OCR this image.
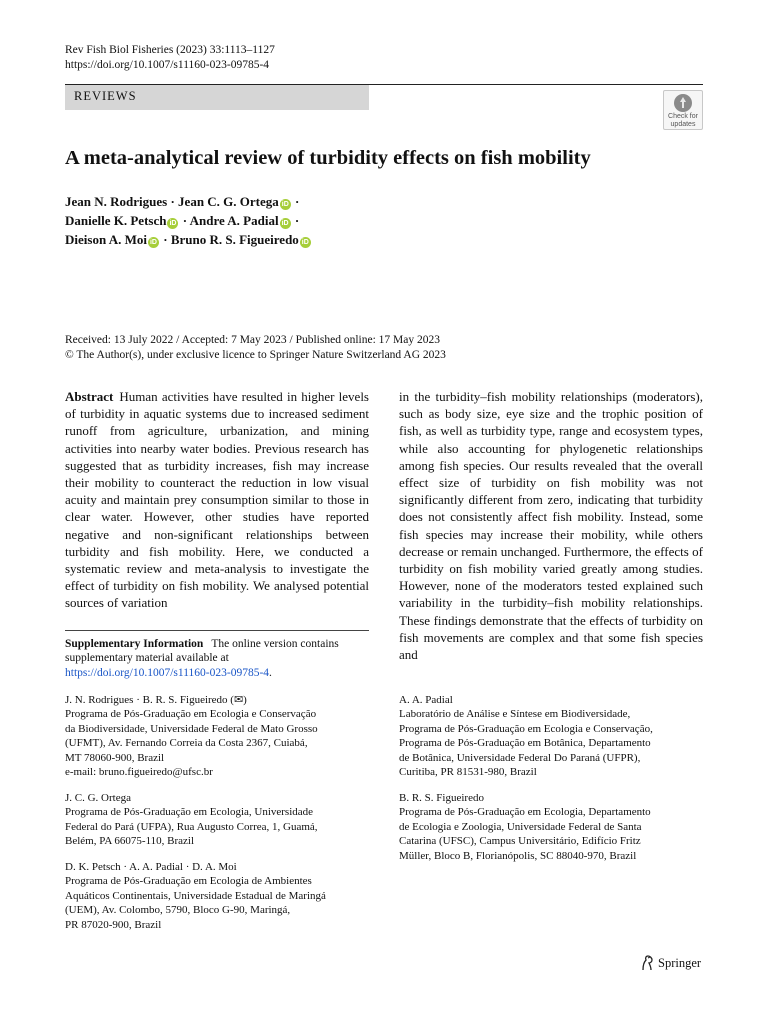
Rev Fish Biol Fisheries (2023) 33:1113–1127
https://doi.org/10.1007/s11160-023-09785-4
REVIEWS
Check for
updates
A meta-analytical review of turbidity effects on fish mobility
Jean N. Rodrigues · Jean C. G. Ortega iD ·
Danielle K. Petsch iD · Andre A. Padial iD ·
Dieison A. Moi iD · Bruno R. S. Figueiredo iD
Received: 13 July 2022 / Accepted: 7 May 2023 / Published online: 17 May 2023
© The Author(s), under exclusive licence to Springer Nature Switzerland AG 2023
Abstract Human activities have resulted in higher levels of turbidity in aquatic systems due to increased sediment runoff from agriculture, urbanization, and mining activities into nearby water bodies. Previous research has suggested that as turbidity increases, fish may increase their mobility to counteract the reduction in low visual acuity and maintain prey consumption similar to those in clear water. However, other studies have reported negative and non-significant relationships between turbidity and fish mobility. Here, we conducted a systematic review and meta-analysis to investigate the effect of turbidity on fish mobility. We analysed potential sources of variation
in the turbidity–fish mobility relationships (moderators), such as body size, eye size and the trophic position of fish, as well as turbidity type, range and ecosystem types, while also accounting for phylogenetic relationships among fish species. Our results revealed that the overall effect size of turbidity on fish mobility was not significantly different from zero, indicating that turbidity does not consistently affect fish mobility. Instead, some fish species may increase their mobility, while others decrease or remain unchanged. Furthermore, the effects of turbidity on fish mobility varied greatly among studies. However, none of the moderators tested explained such variability in the turbidity–fish mobility relationships. These findings demonstrate that the effects of turbidity on fish movements are complex and that some fish species and
Supplementary Information The online version contains supplementary material available at https://doi.org/10.1007/s11160-023-09785-4.
J. N. Rodrigues · B. R. S. Figueiredo (✉)
Programa de Pós-Graduação em Ecologia e Conservação
da Biodiversidade, Universidade Federal de Mato Grosso
(UFMT), Av. Fernando Correia da Costa 2367, Cuiabá,
MT 78060-900, Brazil
e-mail: bruno.figueiredo@ufsc.br
J. C. G. Ortega
Programa de Pós-Graduação em Ecologia, Universidade
Federal do Pará (UFPA), Rua Augusto Correa, 1, Guamá,
Belém, PA 66075-110, Brazil
D. K. Petsch · A. A. Padial · D. A. Moi
Programa de Pós-Graduação em Ecologia de Ambientes
Aquáticos Continentais, Universidade Estadual de Maringá
(UEM), Av. Colombo, 5790, Bloco G-90, Maringá,
PR 87020-900, Brazil
A. A. Padial
Laboratório de Análise e Síntese em Biodiversidade,
Programa de Pós-Graduação em Ecologia e Conservação,
Programa de Pós-Graduação em Botânica, Departamento
de Botânica, Universidade Federal Do Paraná (UFPR),
Curitiba, PR 81531-980, Brazil
B. R. S. Figueiredo
Programa de Pós-Graduação em Ecologia, Departamento
de Ecologia e Zoologia, Universidade Federal de Santa
Catarina (UFSC), Campus Universitário, Edifício Fritz
Müller, Bloco B, Florianópolis, SC 88040-970, Brazil
Springer
